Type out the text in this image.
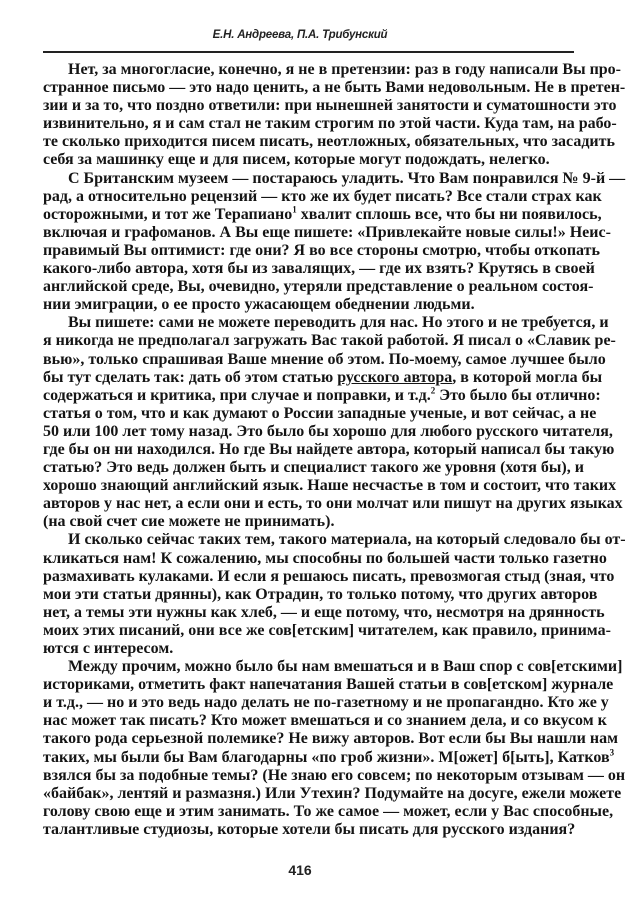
Е.Н. Андреева, П.А. Трибунский
Нет, за многогласие, конечно, я не в претензии: раз в году написали Вы про-
странное письмо — это надо ценить, а не быть Вами недовольным. Не в претен-
зии и за то, что поздно ответили: при нынешней занятости и суматошности это
извинительно, я и сам стал не таким строгим по этой части. Куда там, на рабо-
те сколько приходится писем писать, неотложных, обязательных, что засадить
себя за машинку еще и для писем, которые могут подождать, нелегко.
С Британским музеем — постараюсь уладить. Что Вам понравился № 9-й —
рад, а относительно рецензий — кто же их будет писать? Все стали страх как
осторожными, и тот же Терапиано$^1$ хвалит сплошь все, что бы ни появилось,
включая и графоманов. А Вы еще пишете: «Привлекайте новые силы!» Неис-
правимый Вы оптимист: где они? Я во все стороны смотрю, чтобы откопать
какого-либо автора, хотя бы из завалящих, — где их взять? Крутясь в своей
английской среде, Вы, очевидно, утеряли представление о реальном состоя-
нии эмиграции, о ее просто ужасающем обеднении людьми.
Вы пишете: сами не можете переводить для нас. Но этого и не требуется, и
я никогда не предполагал загружать Вас такой работой. Я писал о «Славик ре-
вью», только спрашивая Ваше мнение об этом. По-моему, самое лучшее было
бы тут сделать так: дать об этом статью русского автора, в которой могла бы
содержаться и критика, при случае и поправки, и т.д.$^2$ Это было бы отлично:
статья о том, что и как думают о России западные ученые, и вот сейчас, а не
50 или 100 лет тому назад. Это было бы хорошо для любого русского читателя,
где бы он ни находился. Но где Вы найдете автора, который написал бы такую
статью? Это ведь должен быть и специалист такого же уровня (хотя бы), и
хорошо знающий английский язык. Наше несчастье в том и состоит, что таких
авторов у нас нет, а если они и есть, то они молчат или пишут на других языках
(на свой счет сие можете не принимать).
И сколько сейчас таких тем, такого материала, на который следовало бы от-
кликаться нам! К сожалению, мы способны по большей части только газетно
размахивать кулаками. И если я решаюсь писать, превозмогая стыд (зная, что
мои эти статьи дрянны), как Отрадин, то только потому, что других авторов
нет, а темы эти нужны как хлеб, — и еще потому, что, несмотря на дрянность
моих этих писаний, они все же сов[етским] читателем, как правило, принима-
ются с интересом.
Между прочим, можно было бы нам вмешаться и в Ваш спор с сов[етскими]
историками, отметить факт напечатания Вашей статьи в сов[етском] журнале
и т.д., — но и это ведь надо делать не по-газетному и не пропагандно. Кто же у
нас может так писать? Кто может вмешаться и со знанием дела, и со вкусом к
такого рода серьезной полемике? Не вижу авторов. Вот если бы Вы нашли нам
таких, мы были бы Вам благодарны «по гроб жизни». М[ожет] б[ыть], Катков$^3$
взялся бы за подобные темы? (Не знаю его совсем; по некоторым отзывам — он
«байбак», лентяй и размазня.) Или Утехин? Подумайте на досуге, ежели можете
голову свою еще и этим занимать. То же самое — может, если у Вас способные,
талантливые студиозы, которые хотели бы писать для русского издания?
416
